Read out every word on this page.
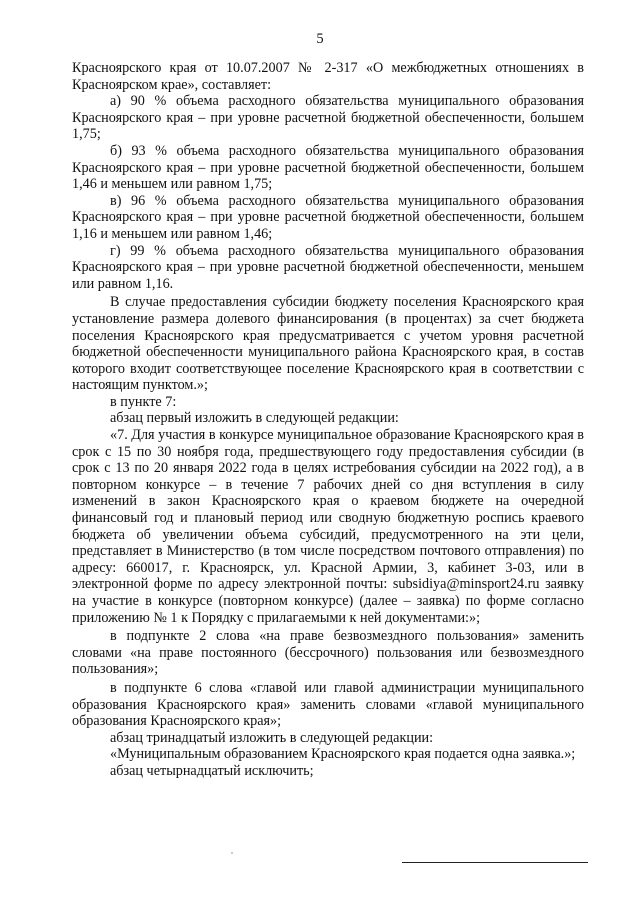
5

Красноярского края от 10.07.2007 № 2-317 «О межбюджетных отношениях в Красноярском крае», составляет:

а) 90 % объема расходного обязательства муниципального образования Красноярского края – при уровне расчетной бюджетной обеспеченности, большем 1,75;

б) 93 % объема расходного обязательства муниципального образования Красноярского края – при уровне расчетной бюджетной обеспеченности, большем 1,46 и меньшем или равном 1,75;

в) 96 % объема расходного обязательства муниципального образования Красноярского края – при уровне расчетной бюджетной обеспеченности, большем 1,16 и меньшем или равном 1,46;

г) 99 % объема расходного обязательства муниципального образования Красноярского края – при уровне расчетной бюджетной обеспеченности, меньшем или равном 1,16.

В случае предоставления субсидии бюджету поселения Красноярского края установление размера долевого финансирования (в процентах) за счет бюджета поселения Красноярского края предусматривается с учетом уровня расчетной бюджетной обеспеченности муниципального района Красноярского края, в состав которого входит соответствующее поселение Красноярского края в соответствии с настоящим пунктом.»;

в пункте 7:

абзац первый изложить в следующей редакции:

«7. Для участия в конкурсе муниципальное образование Красноярского края в срок с 15 по 30 ноября года, предшествующего году предоставления субсидии (в срок с 13 по 20 января 2022 года в целях истребования субсидии на 2022 год), а в повторном конкурсе – в течение 7 рабочих дней со дня вступления в силу изменений в закон Красноярского края о краевом бюджете на очередной финансовый год и плановый период или сводную бюджетную роспись краевого бюджета об увеличении объема субсидий, предусмотренного на эти цели, представляет в Министерство (в том числе посредством почтового отправления) по адресу: 660017, г. Красноярск, ул. Красной Армии, 3, кабинет 3-03, или в электронной форме по адресу электронной почты: subsidiya@minsport24.ru заявку на участие в конкурсе (повторном конкурсе) (далее – заявка) по форме согласно приложению № 1 к Порядку с прилагаемыми к ней документами:»;

в подпункте 2 слова «на праве безвозмездного пользования» заменить словами «на праве постоянного (бессрочного) пользования или безвозмездного пользования»;

в подпункте 6 слова «главой или главой администрации муниципального образования Красноярского края» заменить словами «главой муниципального образования Красноярского края»;

абзац тринадцатый изложить в следующей редакции:

«Муниципальным образованием Красноярского края подается одна заявка.»;

абзац четырнадцатый исключить;
